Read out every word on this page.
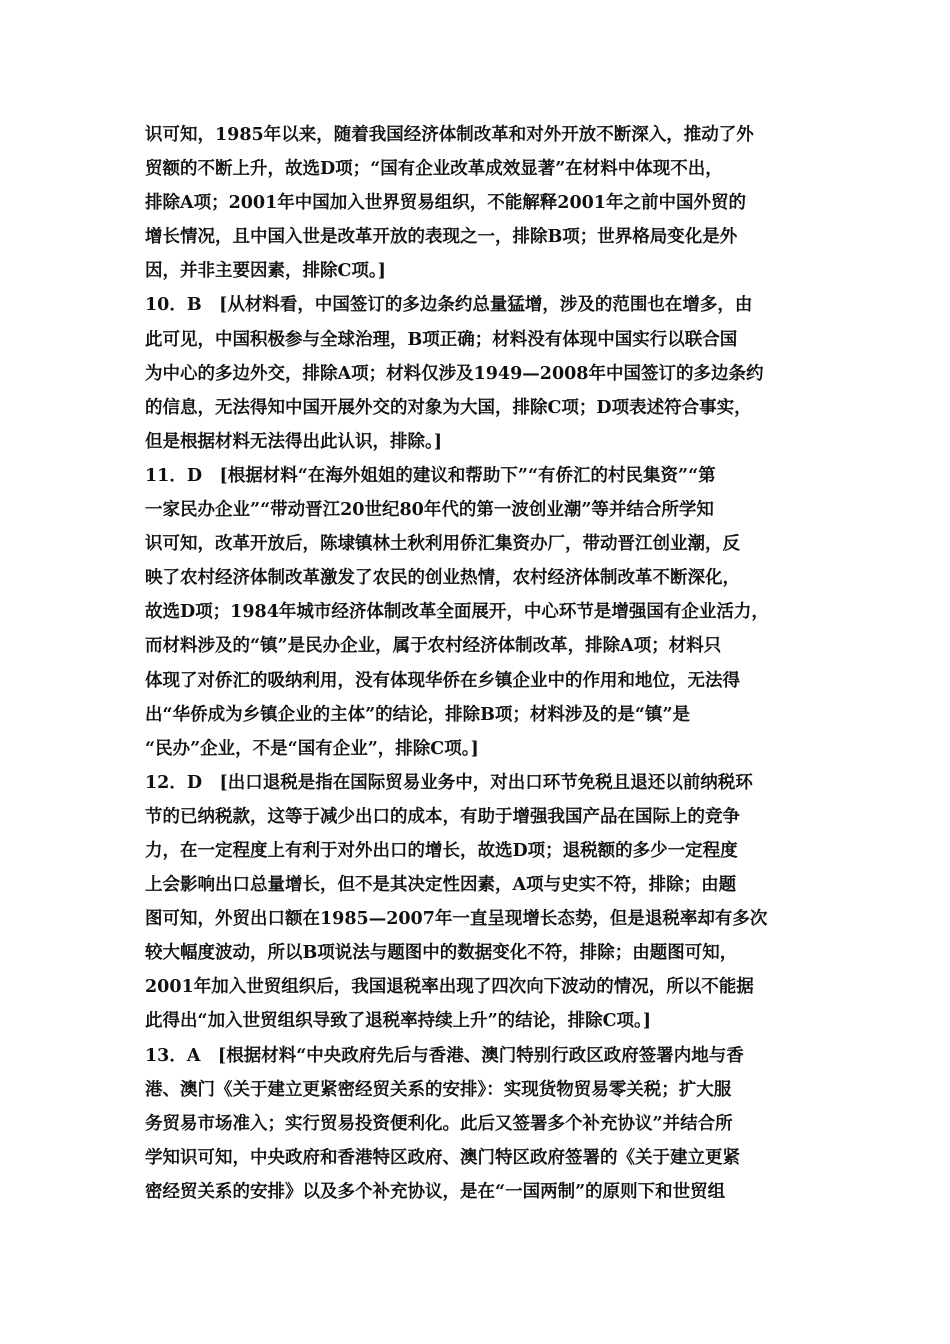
识可知，1985年以来，随着我国经济体制改革和对外开放不断深入，推动了外
贸额的不断上升，故选D项；“国有企业改革成效显著”在材料中体现不出，
排除A项；2001年中国加入世界贸易组织，不能解释2001年之前中国外贸的
增长情况，且中国入世是改革开放的表现之一，排除B项；世界格局变化是外
因，并非主要因素，排除C项。]
10．B　[从材料看，中国签订的多边条约总量猛增，涉及的范围也在增多，由
此可见，中国积极参与全球治理，B项正确；材料没有体现中国实行以联合国
为中心的多边外交，排除A项；材料仅涉及1949—2008年中国签订的多边条约
的信息，无法得知中国开展外交的对象为大国，排除C项；D项表述符合事实，
但是根据材料无法得出此认识，排除。]
11．D　[根据材料“在海外姐姐的建议和帮助下”“有侨汇的村民集资”“第
一家民办企业”“带动晋江20世纪80年代的第一波创业潮”等并结合所学知
识可知，改革开放后，陈埭镇林土秋利用侨汇集资办厂，带动晋江创业潮，反
映了农村经济体制改革激发了农民的创业热情，农村经济体制改革不断深化，
故选D项；1984年城市经济体制改革全面展开，中心环节是增强国有企业活力，
而材料涉及的“镇”是民办企业，属于农村经济体制改革，排除A项；材料只
体现了对侨汇的吸纳利用，没有体现华侨在乡镇企业中的作用和地位，无法得
出“华侨成为乡镇企业的主体”的结论，排除B项；材料涉及的是“镇”是
“民办”企业，不是“国有企业”，排除C项。]
12．D　[出口退税是指在国际贸易业务中，对出口环节免税且退还以前纳税环
节的已纳税款，这等于减少出口的成本，有助于增强我国产品在国际上的竞争
力，在一定程度上有利于对外出口的增长，故选D项；退税额的多少一定程度
上会影响出口总量增长，但不是其决定性因素，A项与史实不符，排除；由题
图可知，外贸出口额在1985—2007年一直呈现增长态势，但是退税率却有多次
较大幅度波动，所以B项说法与题图中的数据变化不符，排除；由题图可知，
2001年加入世贸组织后，我国退税率出现了四次向下波动的情况，所以不能据
此得出“加入世贸组织导致了退税率持续上升”的结论，排除C项。]
13．A　[根据材料“中央政府先后与香港、澳门特别行政区政府签署内地与香
港、澳门《关于建立更紧密经贸关系的安排》：实现货物贸易零关税；扩大服
务贸易市场准入；实行贸易投资便利化。此后又签署多个补充协议”并结合所
学知识可知，中央政府和香港特区政府、澳门特区政府签署的《关于建立更紧
密经贸关系的安排》以及多个补充协议，是在“一国两制”的原则下和世贸组
